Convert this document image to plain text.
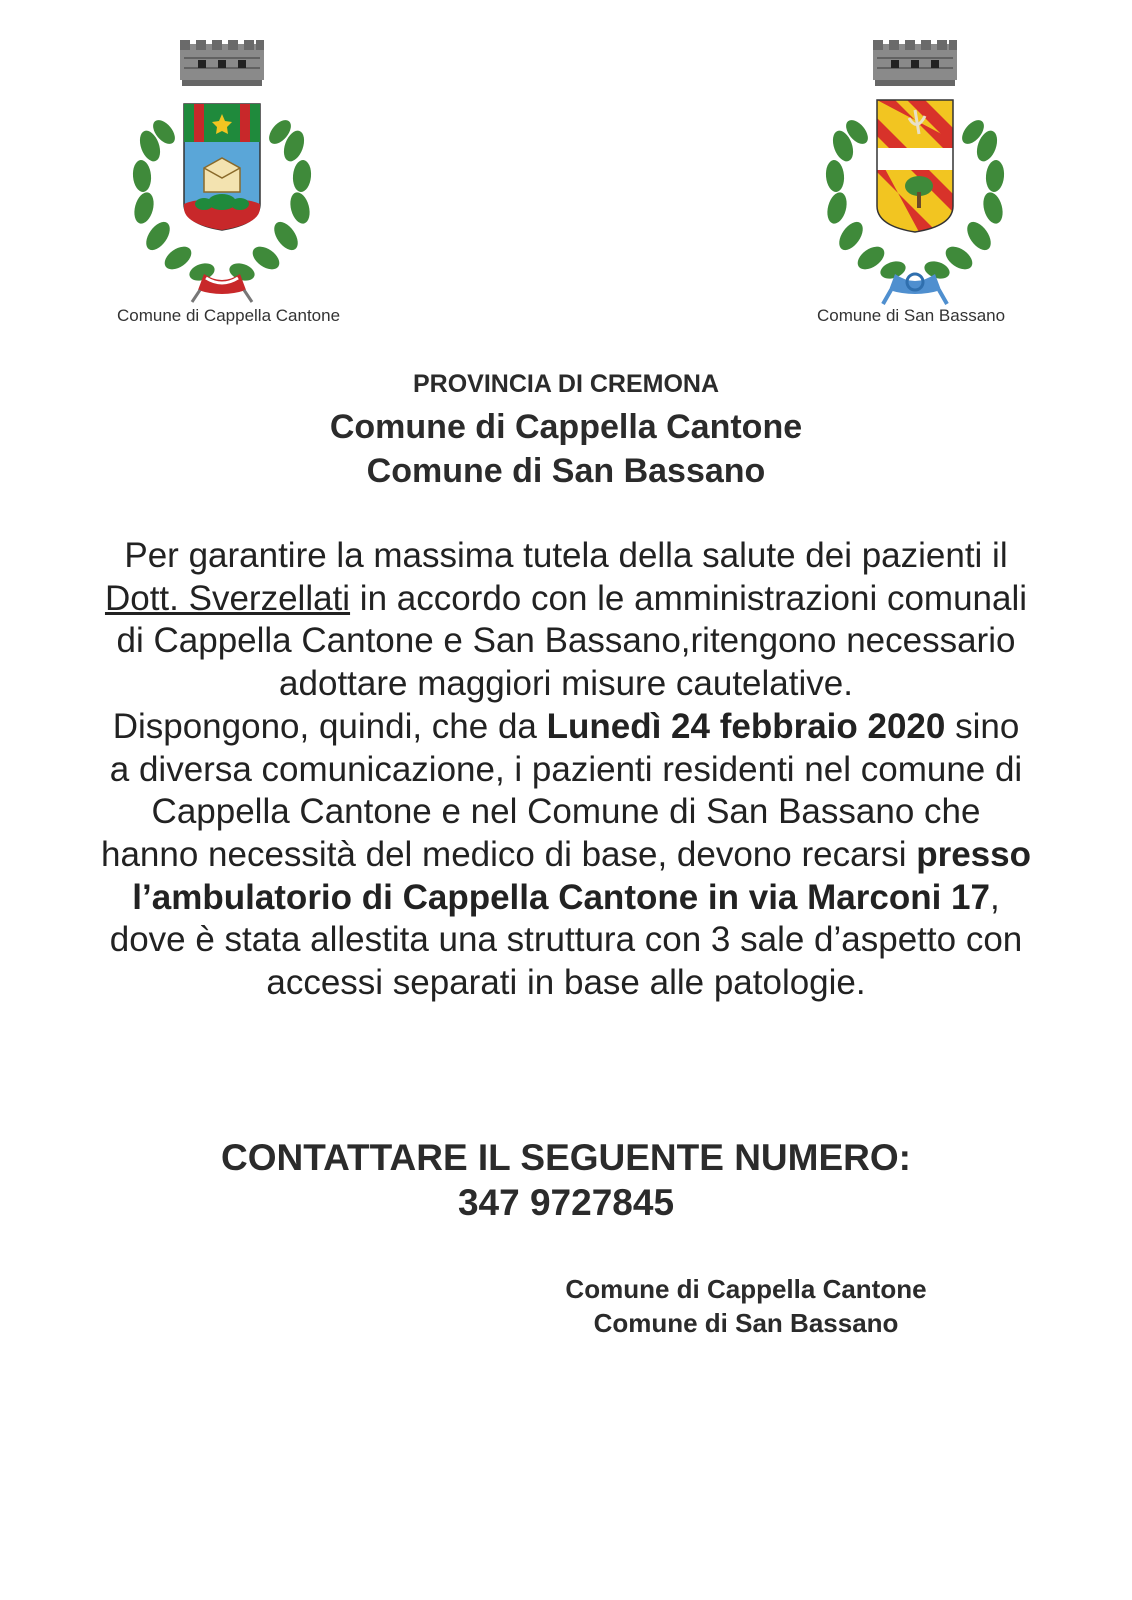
Comune di Cappella Cantone	Comune di San Bassano
PROVINCIA DI CREMONA
Comune di Cappella Cantone
Comune di San Bassano

Per garantire la massima tutela della salute dei pazienti il Dott. Sverzellati in accordo con le amministrazioni comunali di Cappella Cantone e San Bassano,ritengono necessario adottare maggiori misure cautelative.

Dispongono, quindi, che da Lunedì 24 febbraio 2020 sino a diversa comunicazione, i pazienti residenti nel comune di Cappella Cantone e nel Comune di San Bassano che hanno necessità del medico di base, devono recarsi presso l’ambulatorio di Cappella Cantone in via Marconi 17, dove è stata allestita una struttura con 3 sale d’aspetto con accessi separati in base alle patologie.

CONTATTARE IL SEGUENTE NUMERO:
347 9727845
Comune di Cappella Cantone
Comune di San Bassano
